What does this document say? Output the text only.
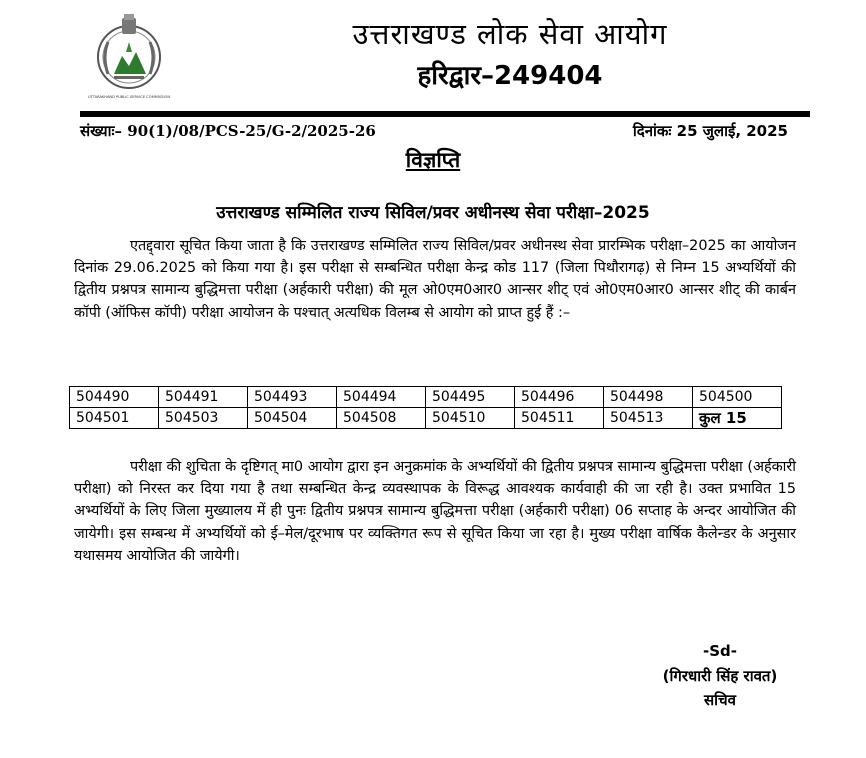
UTTARAKHAND PUBLIC SERVICE COMMISSION
उत्तराखण्ड लोक सेवा आयोग
हरिद्वार–249404
संख्याः– 90(1)/08/PCS-25/G-2/2025-26	दिनांकः 25 जुलाई, 2025
विज्ञप्ति
उत्तराखण्ड सम्मिलित राज्य सिविल/प्रवर अधीनस्थ सेवा परीक्षा–2025
एतद्द्वारा सूचित किया जाता है कि उत्तराखण्ड सम्मिलित राज्य सिविल/प्रवर अधीनस्थ सेवा प्रारम्भिक परीक्षा–2025 का आयोजन दिनांक 29.06.2025 को किया गया है। इस परीक्षा से सम्बन्धित परीक्षा केन्द्र कोड 117 (जिला पिथौरागढ़) से निम्न 15 अभ्यर्थियों की द्वितीय प्रश्नपत्र सामान्य बुद्धिमत्ता परीक्षा (अर्हकारी परीक्षा) की मूल ओ0एम0आर0 आन्सर शीट् एवं ओ0एम0आर0 आन्सर शीट् की कार्बन कॉपी (ऑफिस कॉपी) परीक्षा आयोजन के पश्चात् अत्यधिक विलम्ब से आयोग को प्राप्त हुई हैं :–
504490	504491	504493	504494	504495	504496	504498	504500
504501	504503	504504	504508	504510	504511	504513	कुल 15
परीक्षा की शुचिता के दृष्टिगत् मा0 आयोग द्वारा इन अनुक्रमांक के अभ्यर्थियों की द्वितीय प्रश्नपत्र सामान्य बुद्धिमत्ता परीक्षा (अर्हकारी परीक्षा) को निरस्त कर दिया गया है तथा सम्बन्धित केन्द्र व्यवस्थापक के विरूद्ध आवश्यक कार्यवाही की जा रही है। उक्त प्रभावित 15 अभ्यर्थियों के लिए जिला मुख्यालय में ही पुनः द्वितीय प्रश्नपत्र सामान्य बुद्धिमत्ता परीक्षा (अर्हकारी परीक्षा) 06 सप्ताह के अन्दर आयोजित की जायेगी। इस सम्बन्ध में अभ्यर्थियों को ई–मेल/दूरभाष पर व्यक्तिगत रूप से सूचित किया जा रहा है। मुख्य परीक्षा वार्षिक कैलेन्डर के अनुसार यथासमय आयोजित की जायेगी।
-Sd-
(गिरधारी सिंह रावत)
सचिव
